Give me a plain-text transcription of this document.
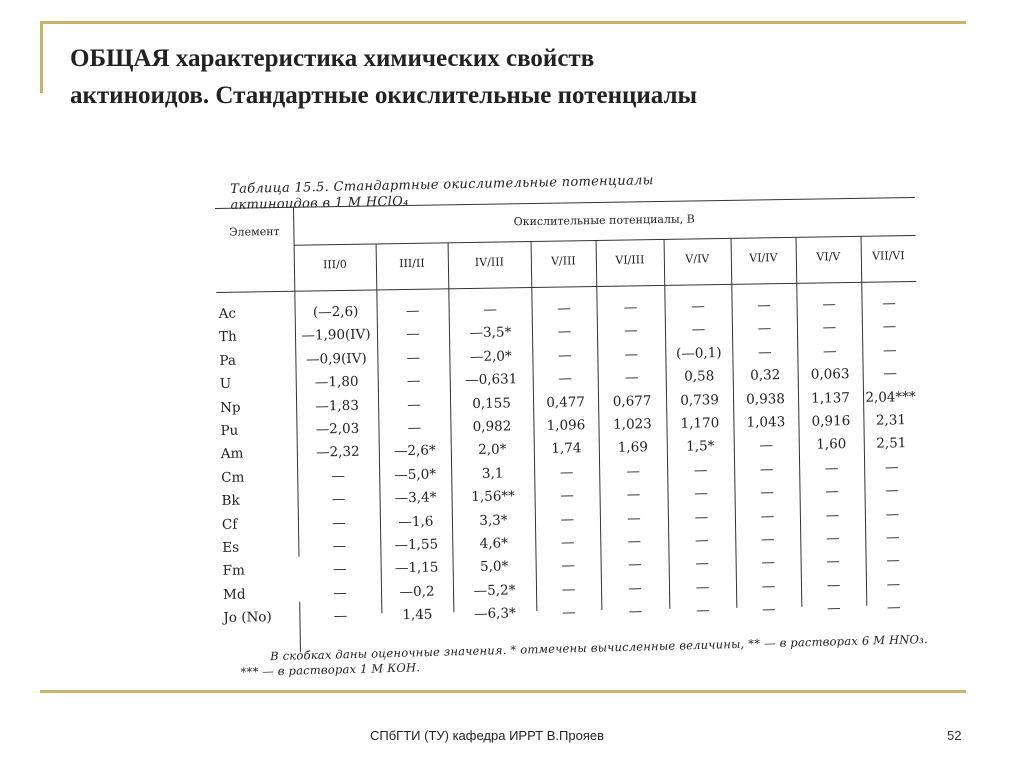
ОБЩАЯ характеристика химических свойств
актиноидов. Стандартные окислительные потенциалы
Таблица 15.5. Стандартные окислительные потенциалы
актиноидов в 1 М HClO₄
Элемент
Окислительные потенциалы, В
III/0	III/II	IV/III	V/III	VI/III	V/IV	VI/IV	VI/V	VII/VI
Ac	(—2,6)	—	—	—	—	—	—	—	—
Th	—1,90(IV)	—	—3,5*	—	—	—	—	—	—
Pa	—0,9(IV)	—	—2,0*	—	—	(—0,1)	—	—	—
U	—1,80	—	—0,631	—	—	0,58	0,32	0,063	—
Np	—1,83	—	0,155	0,477	0,677	0,739	0,938	1,137	2,04***
Pu	—2,03	—	0,982	1,096	1,023	1,170	1,043	0,916	2,31
Am	—2,32	—2,6*	2,0*	1,74	1,69	1,5*	—	1,60	2,51
Cm	—	—5,0*	3,1	—	—	—	—	—	—
Bk	—	—3,4*	1,56**	—	—	—	—	—	—
Cf	—	—1,6	3,3*	—	—	—	—	—	—
Es	—	—1,55	4,6*	—	—	—	—	—	—
Fm	—	—1,15	5,0*	—	—	—	—	—	—
Md	—	—0,2	—5,2*	—	—	—	—	—	—
Jo (No)	—	1,45	—6,3*	—	—	—	—	—	—
В скобках даны оценочные значения. * отмечены вычисленные величины, ** — в растворах 6 М HNO₃. *** — в растворах 1 М КОН.
СПбГТИ (ТУ) кафедра ИРРТ В.Прояев	52
